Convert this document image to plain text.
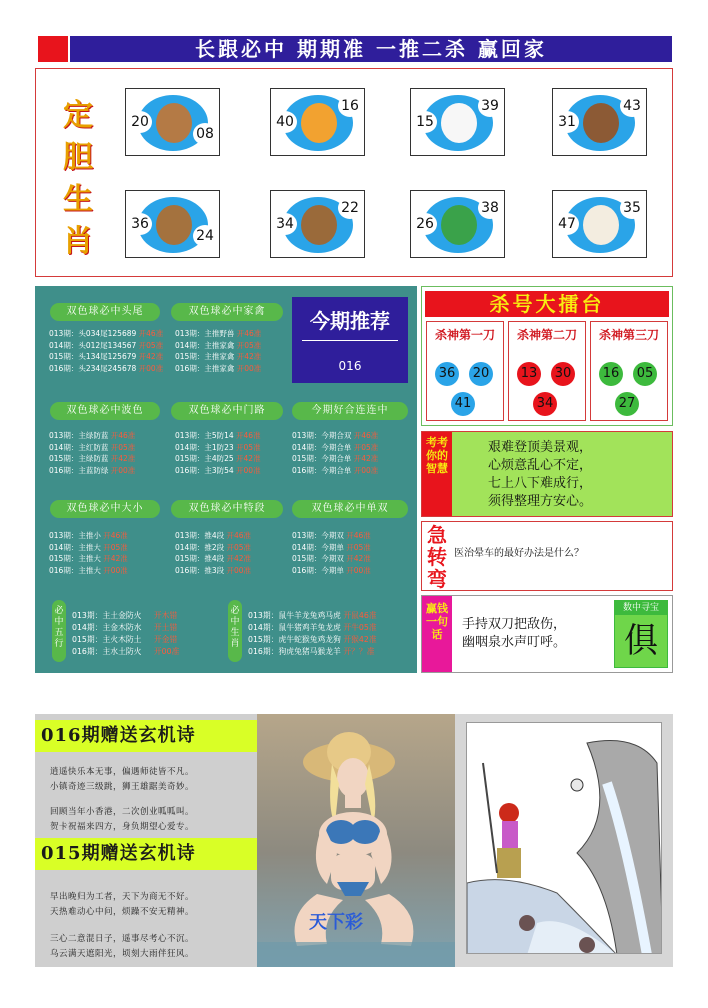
长跟必中 期期准 一推二杀 赢回家
定
胆
生
肖
20
08
40
16
15
39
31
43
36
24
34
22
26
38
47
35
双色球必中头尾
013期：头034尾125689 开46准
014期：头012尾134567 开05准
015期：头134尾125679 开42准
016期：头234尾245678 开00准
双色球必中家禽
013期：主推野兽 开46准
014期：主推家禽 开05准
015期：主推家禽 开42准
016期：主推家禽 开00准
今期推荐
016
双色球必中波色
013期：主绿防蓝 开46准
014期：主红防蓝 开05准
015期：主绿防蓝 开42准
016期：主蓝防绿 开00准
双色球必中门路
013期：主5防14 开46准
014期：主1防23 开05准
015期：主4防25 开42准
016期：主3防54 开00准
今期好合连连中
013期：今期合双 开46准
014期：今期合单 开05准
015期：今期合单 开42准
016期：今期合单 开00准
双色球必中大小
013期：主推小 开46准
014期：主推大 开05准
015期：主推大 开42准
016期：主推大 开00准
双色球必中特段
013期：推4段 开46准
014期：推2段 开05准
015期：推4段 开42准
016期：推3段 开00准
双色球必中单双
013期：今期双 开46准
014期：今期单 开05准
015期：今期双 开42准
016期：今期单 开00准
必中五行
013期：主土金防火 开木错
014期：主金木防水 开土错
015期：主火木防土 开金错
016期：主水土防火 开00准
必中生肖
013期：鼠牛羊龙兔鸡马虎 开鼠46准
014期：鼠牛猪鸡羊兔龙虎 开牛05准
015期：虎牛蛇猴兔鸡龙狗 开猴42准
016期：狗虎兔猪马猴龙羊 开？？准
杀号大擂台
杀神第一刀
36 20
41
杀神第二刀
13 30
34
杀神第三刀
16 05
27
考考你的智慧
艰难登顶美景观，
心烦意乱心不定，
七上八下难成行，
须得整理方安心。
急转弯
医治晕车的最好办法是什么？
赢钱一句话
手持双刀把敌伤，
幽咽泉水声叮呼。
数中寻宝
俱
016期赠送玄机诗
逍遥快乐本无事，偏遇师徒皆不凡。
小镇奇迹三级跳，狮王雄踞美奇妙。
回顾当年小香港，二次创业呱呱叫。
贺卡祝福来四方，身负期望心爱专。
015期赠送玄机诗
早出晚归为工者，天下为商无不好。
天热难动心中问，烦躁不安无精神。
三心二意混日子，遥事尽考心不沉。
乌云满天遮阳光，顷刻大雨伴狂风。
天下彩
